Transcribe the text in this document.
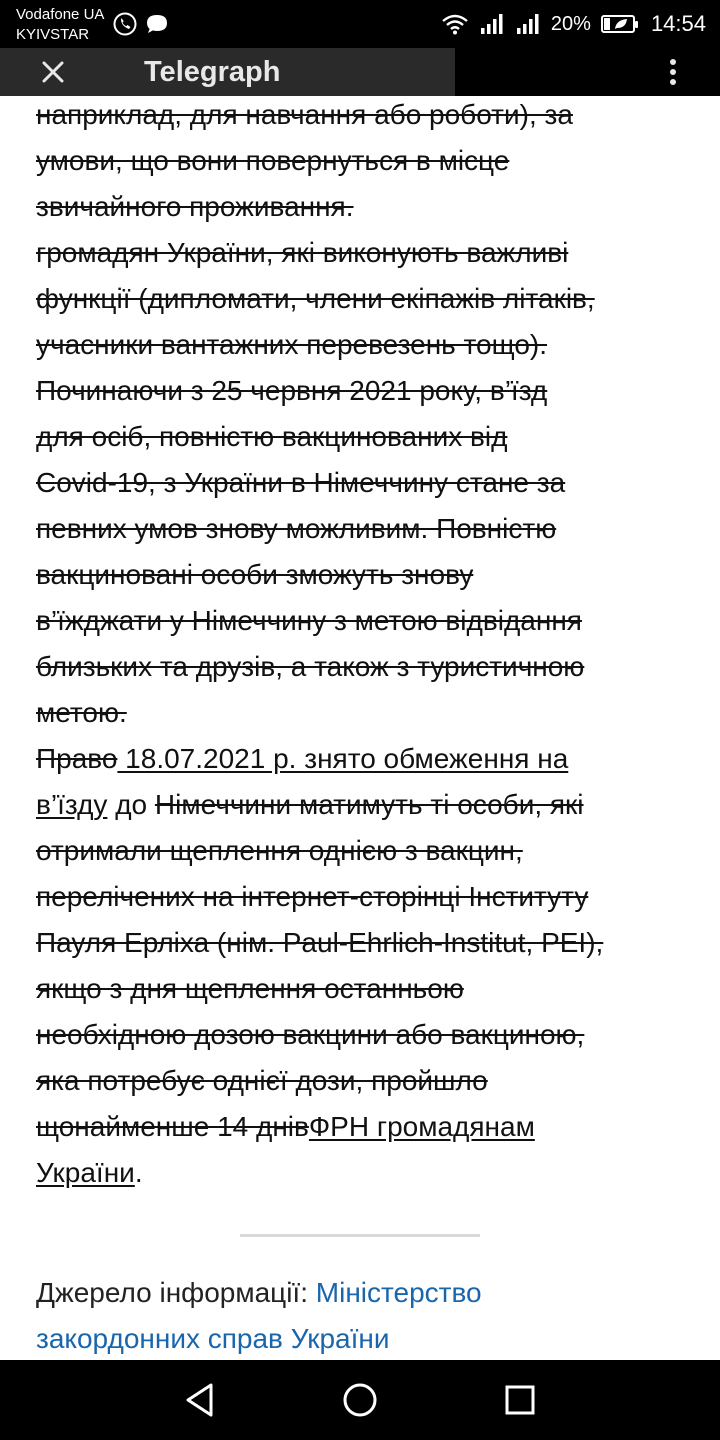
Vodafone UA
KYIVSTAR	20%	14:54
Telegraph
наприклад, для навчання або роботи), за
умови, що вони повернуться в місце
звичайного проживання.
громадян України, які виконують важливі
функції (дипломати, члени екіпажів літаків,
учасники вантажних перевезень тощо).
Починаючи з 25 червня 2021 року, в’їзд
для осіб, повністю вакцинованих від
Covid-19, з України в Німеччину стане за
певних умов знову можливим. Повністю
вакциновані особи зможуть знову
в’їжджати у Німеччину з метою відвідання
близьких та друзів, а також з туристичною
метою.
Право 18.07.2021 р. знято обмеження на
в’їзду до Німеччини матимуть ті особи, які
отримали щеплення однією з вакцин,
перелічених на інтернет-сторінці Інституту
Пауля Ерліха (нім. Paul-Ehrlich-Institut, PEI),
якщо з дня щеплення останньою
необхідною дозою вакцини або вакциною,
яка потребує однієї дози, пройшло
щонайменше 14 днівФРН громадянам
України.
Джерело інформації: Міністерство
закордонних справ України
